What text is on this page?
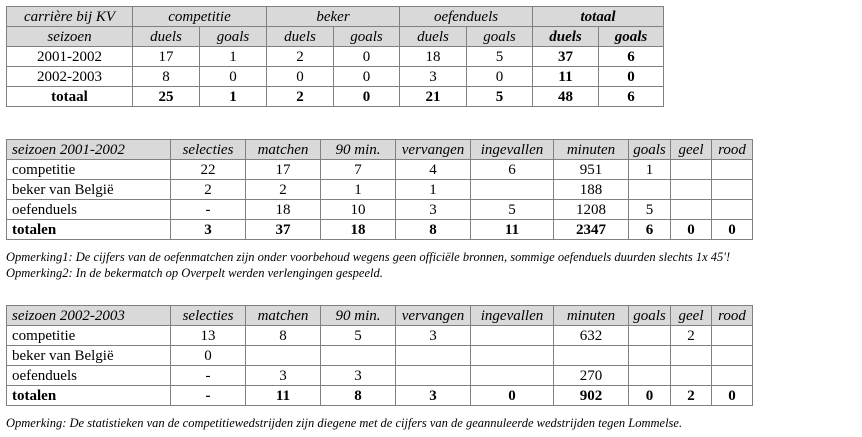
carrière bij KV	competitie		beker		oefenduels		totaal	
seizoen	duels	goals	duels	goals	duels	goals	duels	goals
2001-2002	17	1	2	0	18	5	37	6
2002-2003	8	0	0	0	3	0	11	0
totaal	25	1	2	0	21	5	48	6
seizoen 2001-2002	selecties	matchen	90 min.	vervangen	ingevallen	minuten	goals	geel	rood
competitie	22	17	7	4	6	951	1		
beker van België	2	2	1	1		188			
oefenduels	-	18	10	3	5	1208	5		
totalen	3	37	18	8	11	2347	6	0	0
Opmerking1: De cijfers van de oefenmatchen zijn onder voorbehoud wegens geen officiële bronnen, sommige oefenduels duurden slechts 1x 45'!
Opmerking2: In de bekermatch op Overpelt werden verlengingen gespeeld.
seizoen 2002-2003	selecties	matchen	90 min.	vervangen	ingevallen	minuten	goals	geel	rood
competitie	13	8	5	3		632		2	
beker van België	0								
oefenduels	-	3	3			270			
totalen	-	11	8	3	0	902	0	2	0
Opmerking: De statistieken van de competitiewedstrijden zijn diegene met de cijfers van de geannuleerde wedstrijden tegen Lommelse.
